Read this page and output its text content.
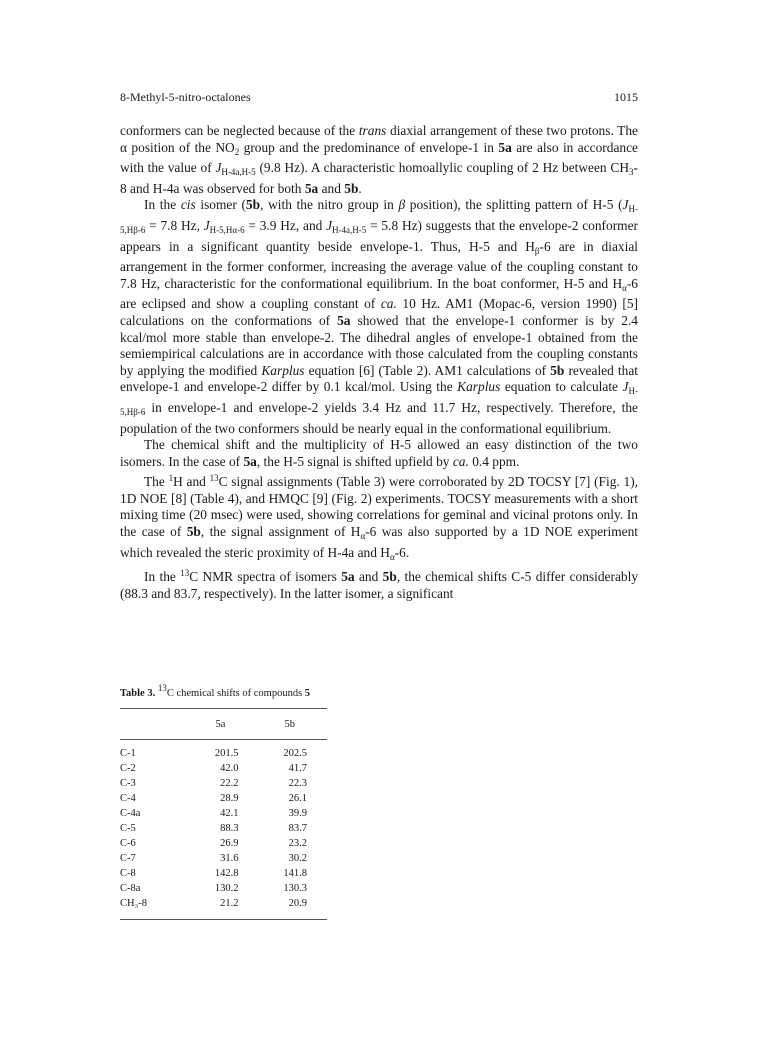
8-Methyl-5-nitro-octalones	1015

conformers can be neglected because of the trans diaxial arrangement of these two protons. The α position of the $NO_2$ group and the predominance of envelope-1 in 5a are also in accordance with the value of $J_{H-4a,H-5}$ (9.8 Hz). A characteristic homoallylic coupling of 2 Hz between $CH_3-8$ and H-4a was observed for both 5a and 5b.

In the cis isomer (5b, with the nitro group in β position), the splitting pattern of H-5 ($J_{H-5,H\beta-6} = 7.8$ Hz, $J_{H-5,H\alpha-6} = 3.9$ Hz, and $J_{H-4a,H-5} = 5.8$ Hz) suggests that the envelope-2 conformer appears in a significant quantity beside envelope-1. Thus, H-5 and $H_\beta-6$ are in diaxial arrangement in the former conformer, increasing the average value of the coupling constant to 7.8 Hz, characteristic for the conformational equilibrium. In the boat conformer, H-5 and $H_\alpha-6$ are eclipsed and show a coupling constant of ca. 10 Hz. AM1 (Mopac-6, version 1990) [5] calculations on the conformations of 5a showed that the envelope-1 conformer is by 2.4 kcal/mol more stable than envelope-2. The dihedral angles of envelope-1 obtained from the semiempirical calculations are in accordance with those calculated from the coupling constants by applying the modified Karplus equation [6] (Table 2). AM1 calculations of 5b revealed that envelope-1 and envelope-2 differ by 0.1 kcal/mol. Using the Karplus equation to calculate $J_{H-5,H\beta-6}$ in envelope-1 and envelope-2 yields 3.4 Hz and 11.7 Hz, respectively. Therefore, the population of the two conformers should be nearly equal in the conformational equilibrium.

The chemical shift and the multiplicity of H-5 allowed an easy distinction of the two isomers. In the case of 5a, the H-5 signal is shifted upfield by ca. 0.4 ppm.

The $^1$H and $^{13}$C signal assignments (Table 3) were corroborated by 2D TOCSY [7] (Fig. 1), 1D NOE [8] (Table 4), and HMQC [9] (Fig. 2) experiments. TOCSY measurements with a short mixing time (20 msec) were used, showing correlations for geminal and vicinal protons only. In the case of 5b, the signal assignment of $H_\alpha-6$ was also supported by a 1D NOE experiment which revealed the steric proximity of H-4a and $H_\alpha-6$.

In the $^{13}$C NMR spectra of isomers 5a and 5b, the chemical shifts C-5 differ considerably (88.3 and 83.7, respectively). In the latter isomer, a significant

Table 3. 13C chemical shifts of compounds 5
	5a	5b
C-1	201.5	202.5
C-2	42.0	41.7
C-3	22.2	22.3
C-4	28.9	26.1
C-4a	42.1	39.9
C-5	88.3	83.7
C-6	26.9	23.2
C-7	31.6	30.2
C-8	142.8	141.8
C-8a	130.2	130.3
CH₃-8	21.2	20.9
